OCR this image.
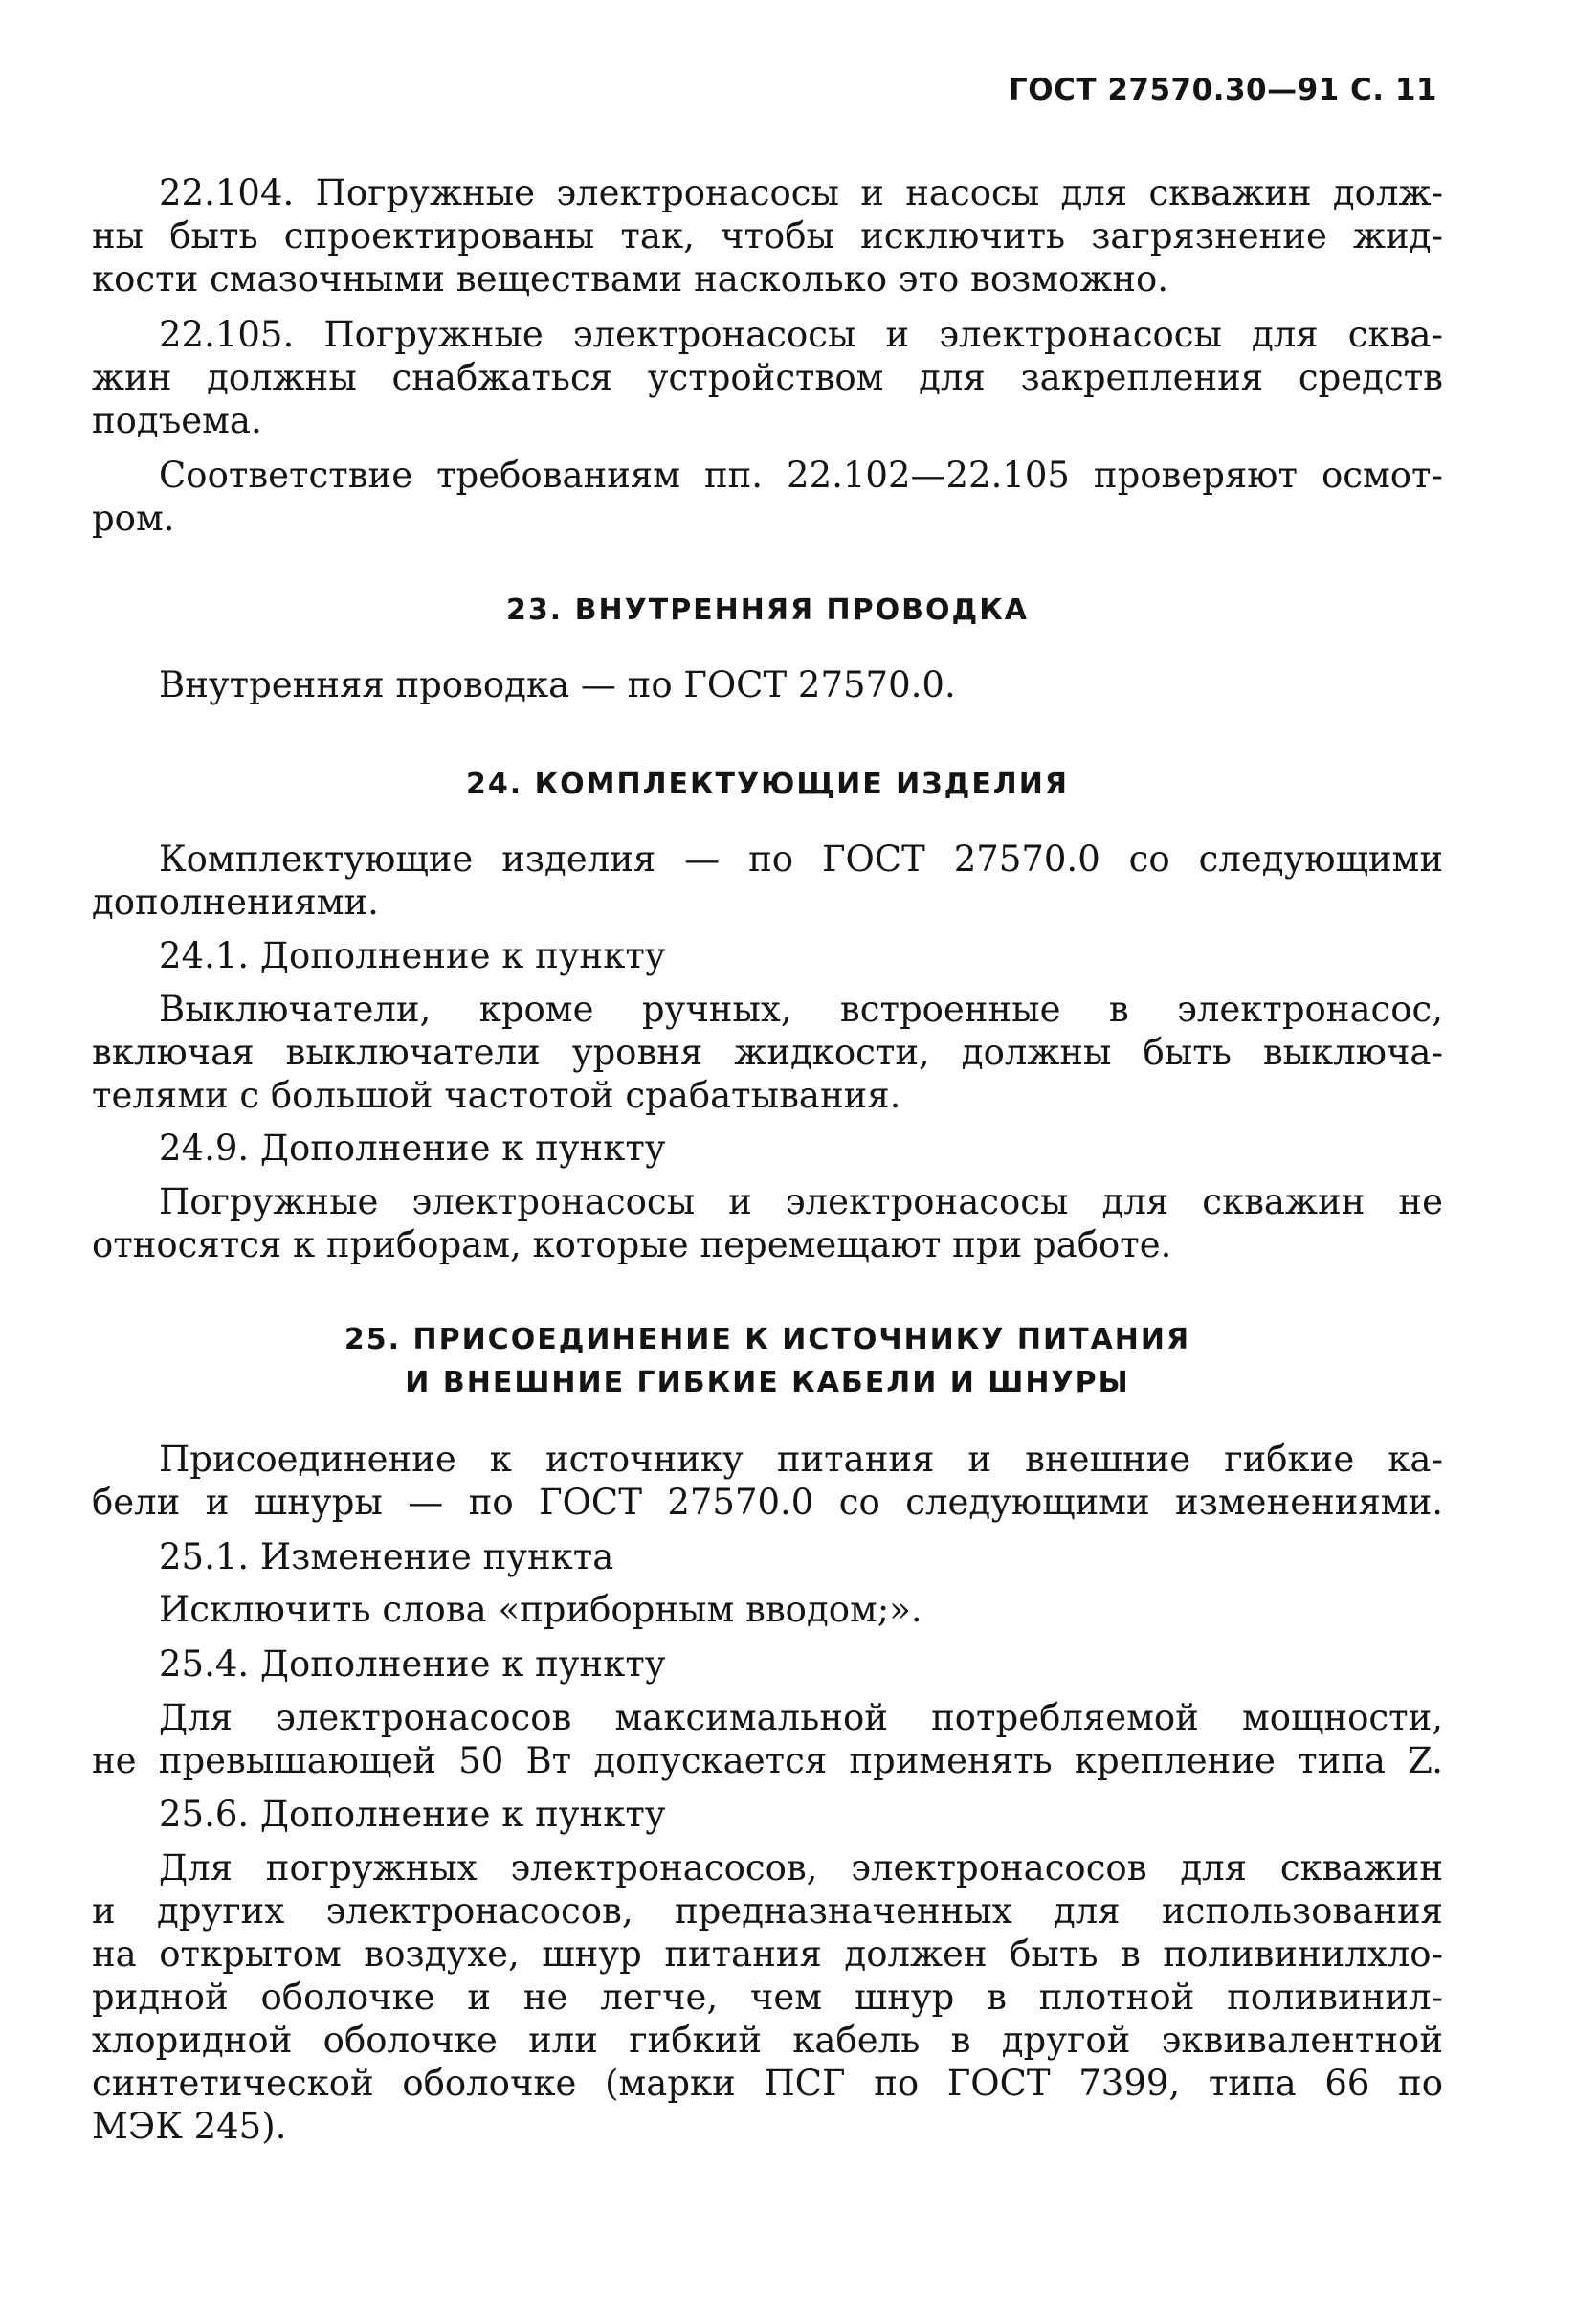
ГОСТ 27570.30—91 С. 11
22.104. Погружные электронасосы и насосы для скважин долж-
ны быть спроектированы так, чтобы исключить загрязнение жид-
кости смазочными веществами насколько это возможно.
22.105. Погружные электронасосы и электронасосы для сква-
жин должны снабжаться устройством для закрепления средств
подъема.
Соответствие требованиям пп. 22.102—22.105 проверяют осмот-
ром.
23. ВНУТРЕННЯЯ ПРОВОДКА
Внутренняя проводка — по ГОСТ 27570.0.
24. КОМПЛЕКТУЮЩИЕ ИЗДЕЛИЯ
Комплектующие изделия — по ГОСТ 27570.0 со следующими
дополнениями.
24.1. Дополнение к пункту
Выключатели, кроме ручных, встроенные в электронасос,
включая выключатели уровня жидкости, должны быть выключа-
телями с большой частотой срабатывания.
24.9. Дополнение к пункту
Погружные электронасосы и электронасосы для скважин не
относятся к приборам, которые перемещают при работе.
25. ПРИСОЕДИНЕНИЕ К ИСТОЧНИКУ ПИТАНИЯ
И ВНЕШНИЕ ГИБКИЕ КАБЕЛИ И ШНУРЫ
Присоединение к источнику питания и внешние гибкие ка-
бели и шнуры — по ГОСТ 27570.0 со следующими изменениями.
25.1. Изменение пункта
Исключить слова «приборным вводом;».
25.4. Дополнение к пункту
Для электронасосов максимальной потребляемой мощности,
не превышающей 50 Вт допускается применять крепление типа Z.
25.6. Дополнение к пункту
Для погружных электронасосов, электронасосов для скважин
и других электронасосов, предназначенных для использования
на открытом воздухе, шнур питания должен быть в поливинилхло-
ридной оболочке и не легче, чем шнур в плотной поливинил-
хлоридной оболочке или гибкий кабель в другой эквивалентной
синтетической оболочке (марки ПСГ по ГОСТ 7399, типа 66 по
МЭК 245).
